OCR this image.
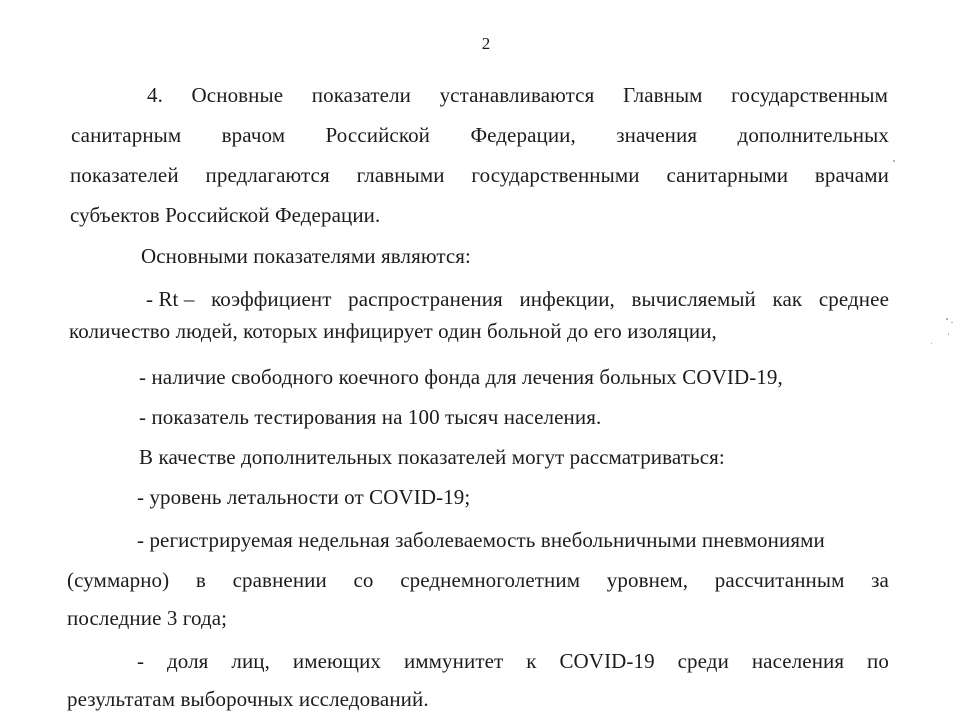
2
4. Основные показатели устанавливаются Главным государственным
санитарным врачом Российской Федерации, значения дополнительных
показателей предлагаются главными государственными санитарными врачами
субъектов Российской Федерации.
Основными показателями являются:
- Rt – коэффициент распространения инфекции, вычисляемый как среднее
количество людей, которых инфицирует один больной до его изоляции,
- наличие свободного коечного фонда для лечения больных COVID-19,
- показатель тестирования на 100 тысяч населения.
В качестве дополнительных показателей могут рассматриваться:
- уровень летальности от COVID-19;
- регистрируемая недельная заболеваемость внебольничными пневмониями
(суммарно) в сравнении со среднемноголетним уровнем, рассчитанным за
последние 3 года;
- доля лиц, имеющих иммунитет к COVID-19 среди населения по
результатам выборочных исследований.
